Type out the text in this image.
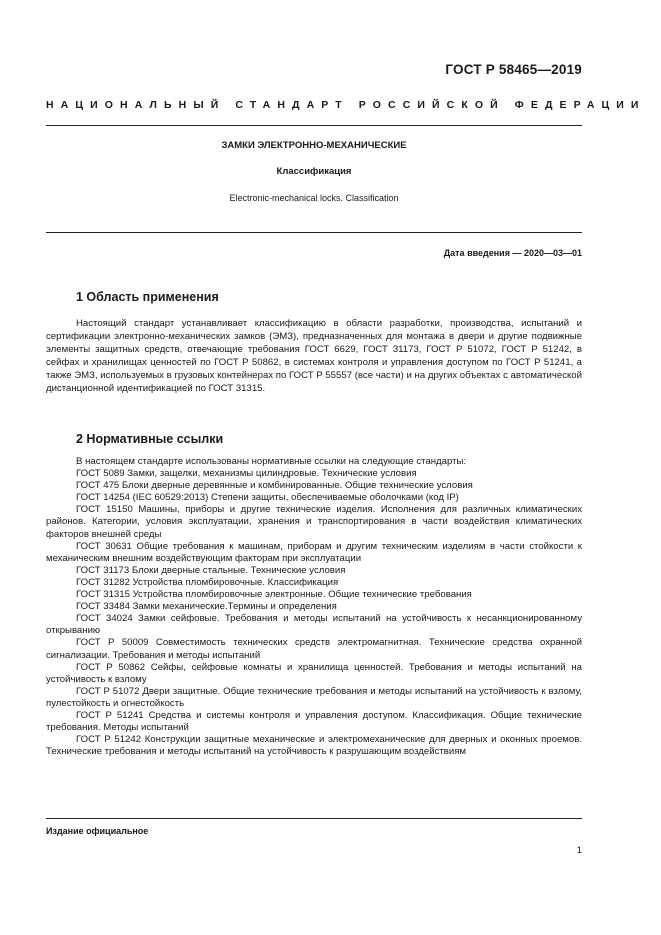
ГОСТ Р 58465—2019
НАЦИОНАЛЬНЫЙ СТАНДАРТ РОССИЙСКОЙ ФЕДЕРАЦИИ
ЗАМКИ ЭЛЕКТРОННО-МЕХАНИЧЕСКИЕ
Классификация
Electronic-mechanical locks. Classification
Дата введения — 2020—03—01
1 Область применения

Настоящий стандарт устанавливает классификацию в области разработки, производства, испытаний и сертификации электронно-механических замков (ЭМЗ), предназначенных для монтажа в двери и другие подвижные элементы защитных средств, отвечающие требования ГОСТ 6629, ГОСТ 31173, ГОСТ Р 51072, ГОСТ Р 51242, в сейфах и хранилищах ценностей по ГОСТ Р 50862, в системах контроля и управления доступом по ГОСТ Р 51241, а также ЭМЗ, используемых в грузовых контейнерах по ГОСТ Р 55557 (все части) и на других объектах с автоматической дистанционной идентификацией по ГОСТ 31315.

2 Нормативные ссылки

В настоящем стандарте использованы нормативные ссылки на следующие стандарты:

ГОСТ 5089 Замки, защелки, механизмы цилиндровые. Технические условия

ГОСТ 475 Блоки дверные деревянные и комбинированные. Общие технические условия

ГОСТ 14254 (IEC 60529:2013) Степени защиты, обеспечиваемые оболочками (код IP)

ГОСТ 15150 Машины, приборы и другие технические изделия. Исполнения для различных климатических районов. Категории, условия эксплуатации, хранения и транспортирования в части воздействия климатических факторов внешней среды

ГОСТ 30631 Общие требования к машинам, приборам и другим техническим изделиям в части стойкости к механическим внешним воздействующим факторам при эксплуатации

ГОСТ 31173 Блоки дверные стальные. Технические условия

ГОСТ 31282 Устройства пломбировочные. Классификация

ГОСТ 31315 Устройства пломбировочные электронные. Общие технические требования

ГОСТ 33484 Замки механические.Термины и определения

ГОСТ 34024 Замки сейфовые. Требования и методы испытаний на устойчивость к несанкционированному открыванию

ГОСТ Р 50009 Совместимость технических средств электромагнитная. Технические средства охранной сигнализации. Требования и методы испытаний

ГОСТ Р 50862 Сейфы, сейфовые комнаты и хранилища ценностей. Требования и методы испытаний на устойчивость к взлому

ГОСТ Р 51072 Двери защитные. Общие технические требования и методы испытаний на устойчивость к взлому, пулестойкость и огнестойкость

ГОСТ Р 51241 Средства и системы контроля и управления доступом. Классификация. Общие технические требования. Методы испытаний

ГОСТ Р 51242 Конструкции защитные механические и электромеханические для дверных и оконных проемов. Технические требования и методы испытаний на устойчивость к разрушающим воздействиям

Издание официальное
1
